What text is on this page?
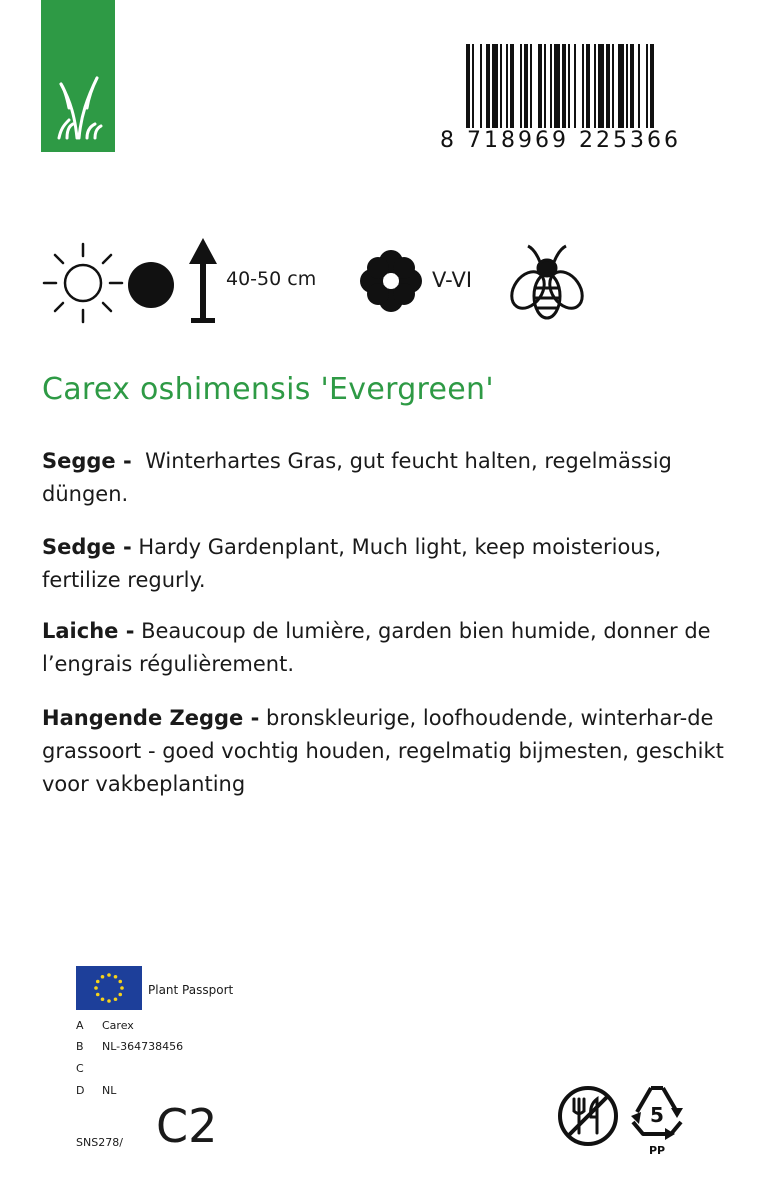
8 718969 225366
40-50 cm	V-VI
Carex oshimensis 'Evergreen'
Segge - Winterhartes Gras, gut feucht halten, regelmässig düngen.
Sedge - Hardy Gardenplant, Much light, keep moisterious, fertilize regurly.
Laiche - Beaucoup de lumière, garden bien humide, donner de l’engrais régulièrement.
Hangende Zegge - bronskleurige, loofhoudende, winterhar-de grassoort - goed vochtig houden, regelmatig bijmesten, geschikt voor vakbeplanting
Plant Passport
A Carex
B NL-364738456
C
D NL
SNS278/ C2	5
PP
